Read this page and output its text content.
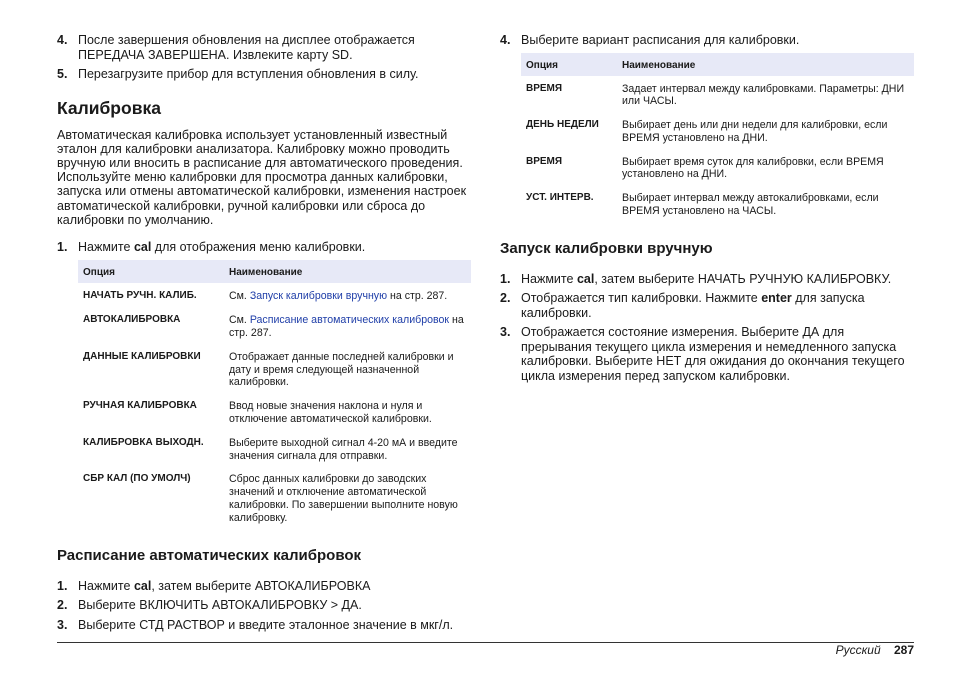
4. После завершения обновления на дисплее отображается ПЕРЕДАЧА ЗАВЕРШЕНА. Извлеките карту SD.
5. Перезагрузите прибор для вступления обновления в силу.
Калибровка

Автоматическая калибровка использует установленный известный эталон для калибровки анализатора. Калибровку можно проводить вручную или вносить в расписание для автоматического проведения. Используйте меню калибровки для просмотра данных калибровки, запуска или отмены автоматической калибровки, изменения настроек автоматической калибровки, ручной калибровки или сброса до калибровки по умолчанию.

1. Нажмите cal для отображения меню калибровки.
Опция	Наименование
НАЧАТЬ РУЧН. КАЛИБ.	См. Запуск калибровки вручную на стр. 287.
АВТОКАЛИБРОВКА	См. Расписание автоматических калибровок на стр. 287.
ДАННЫЕ КАЛИБРОВКИ	Отображает данные последней калибровки и дату и время следующей назначенной калибровки.
РУЧНАЯ КАЛИБРОВКА	Ввод новые значения наклона и нуля и отключение автоматической калибровки.
КАЛИБРОВКА ВЫХОДН.	Выберите выходной сигнал 4-20 мА и введите значения сигнала для отправки.
СБР КАЛ (ПО УМОЛЧ)	Сброс данных калибровки до заводских значений и отключение автоматической калибровки. По завершении выполните новую калибровку.
Расписание автоматических калибровок
1. Нажмите cal, затем выберите АВТОКАЛИБРОВКА
2. Выберите ВКЛЮЧИТЬ АВТОКАЛИБРОВКУ > ДА.
3. Выберите СТД РАСТВОР и введите эталонное значение в мкг/л.
4. Выберите вариант расписания для калибровки.
Опция	Наименование
ВРЕМЯ	Задает интервал между калибровками. Параметры: ДНИ или ЧАСЫ.
ДЕНЬ НЕДЕЛИ	Выбирает день или дни недели для калибровки, если ВРЕМЯ установлено на ДНИ.
ВРЕМЯ	Выбирает время суток для калибровки, если ВРЕМЯ установлено на ДНИ.
УСТ. ИНТЕРВ.	Выбирает интервал между автокалибровками, если ВРЕМЯ установлено на ЧАСЫ.
Запуск калибровки вручную
1. Нажмите cal, затем выберите НАЧАТЬ РУЧНУЮ КАЛИБРОВКУ.
2. Отображается тип калибровки. Нажмите enter для запуска калибровки.
3. Отображается состояние измерения. Выберите ДА для прерывания текущего цикла измерения и немедленного запуска калибровки. Выберите НЕТ для ожидания до окончания текущего цикла измерения перед запуском калибровки.
Русский 287
